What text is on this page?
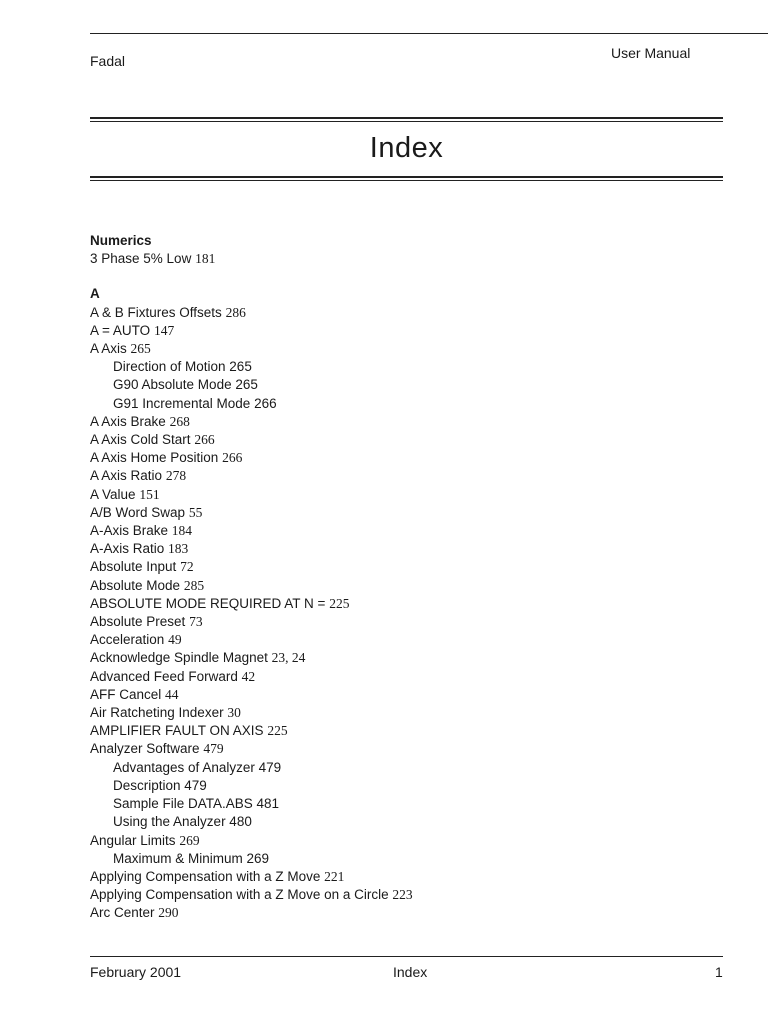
Fadal	User Manual
Index
Numerics
3 Phase 5% Low 181
A
A & B Fixtures Offsets 286
A = AUTO 147
A Axis 265
Direction of Motion 265
G90 Absolute Mode 265
G91 Incremental Mode 266
A Axis Brake 268
A Axis Cold Start 266
A Axis Home Position 266
A Axis Ratio 278
A Value 151
A/B Word Swap 55
A-Axis Brake 184
A-Axis Ratio 183
Absolute Input 72
Absolute Mode 285
ABSOLUTE MODE REQUIRED AT N = 225
Absolute Preset 73
Acceleration 49
Acknowledge Spindle Magnet 23, 24
Advanced Feed Forward 42
AFF Cancel 44
Air Ratcheting Indexer 30
AMPLIFIER FAULT ON AXIS 225
Analyzer Software 479
Advantages of Analyzer 479
Description 479
Sample File DATA.ABS 481
Using the Analyzer 480
Angular Limits 269
Maximum & Minimum 269
Applying Compensation with a Z Move 221
Applying Compensation with a Z Move on a Circle 223
Arc Center 290
February 2001	Index	1
